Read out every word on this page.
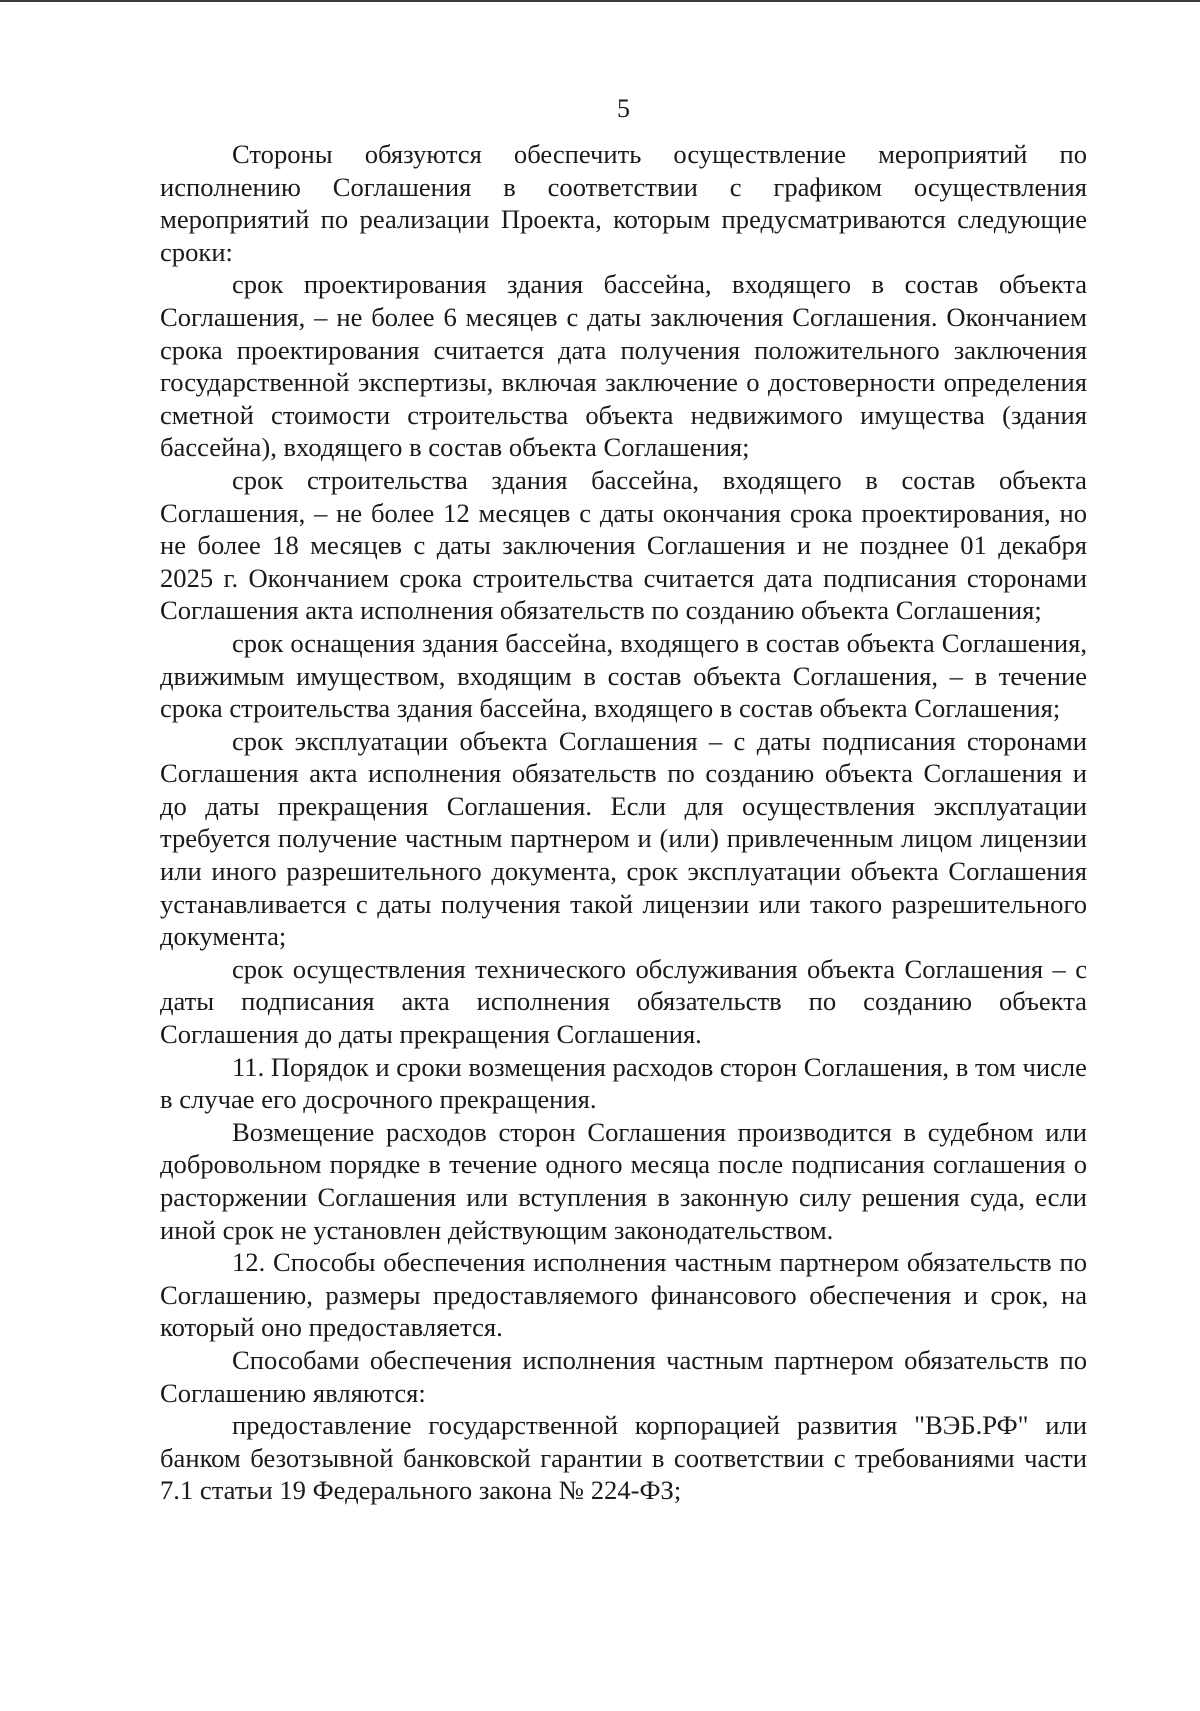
5

Стороны обязуются обеспечить осуществление мероприятий по исполнению Соглашения в соответствии с графиком осуществления мероприятий по реализации Проекта, которым предусматриваются следующие сроки:

срок проектирования здания бассейна, входящего в состав объекта Соглашения, – не более 6 месяцев с даты заключения Соглашения. Окончанием срока проектирования считается дата получения положительного заключения государственной экспертизы, включая заключение о достоверности определения сметной стоимости строительства объекта недвижимого имущества (здания бассейна), входящего в состав объекта Соглашения;

срок строительства здания бассейна, входящего в состав объекта Соглашения, – не более 12 месяцев с даты окончания срока проектирования, но не более 18 месяцев с даты заключения Соглашения и не позднее 01 декабря 2025 г. Окончанием срока строительства считается дата подписания сторонами Соглашения акта исполнения обязательств по созданию объекта Соглашения;

срок оснащения здания бассейна, входящего в состав объекта Соглашения, движимым имуществом, входящим в состав объекта Соглашения, – в течение срока строительства здания бассейна, входящего в состав объекта Соглашения;

срок эксплуатации объекта Соглашения – с даты подписания сторонами Соглашения акта исполнения обязательств по созданию объекта Соглашения и до даты прекращения Соглашения. Если для осуществления эксплуатации требуется получение частным партнером и (или) привлеченным лицом лицензии или иного разрешительного документа, срок эксплуатации объекта Соглашения устанавливается с даты получения такой лицензии или такого разрешительного документа;

срок осуществления технического обслуживания объекта Соглашения – с даты подписания акта исполнения обязательств по созданию объекта Соглашения до даты прекращения Соглашения.

11. Порядок и сроки возмещения расходов сторон Соглашения, в том числе в случае его досрочного прекращения.

Возмещение расходов сторон Соглашения производится в судебном или добровольном порядке в течение одного месяца после подписания соглашения о расторжении Соглашения или вступления в законную силу решения суда, если иной срок не установлен действующим законодательством.

12. Способы обеспечения исполнения частным партнером обязательств по Соглашению, размеры предоставляемого финансового обеспечения и срок, на который оно предоставляется.

Способами обеспечения исполнения частным партнером обязательств по Соглашению являются:

предоставление государственной корпорацией развития "ВЭБ.РФ" или банком безотзывной банковской гарантии в соответствии с требованиями части 7.1 статьи 19 Федерального закона № 224-ФЗ;
